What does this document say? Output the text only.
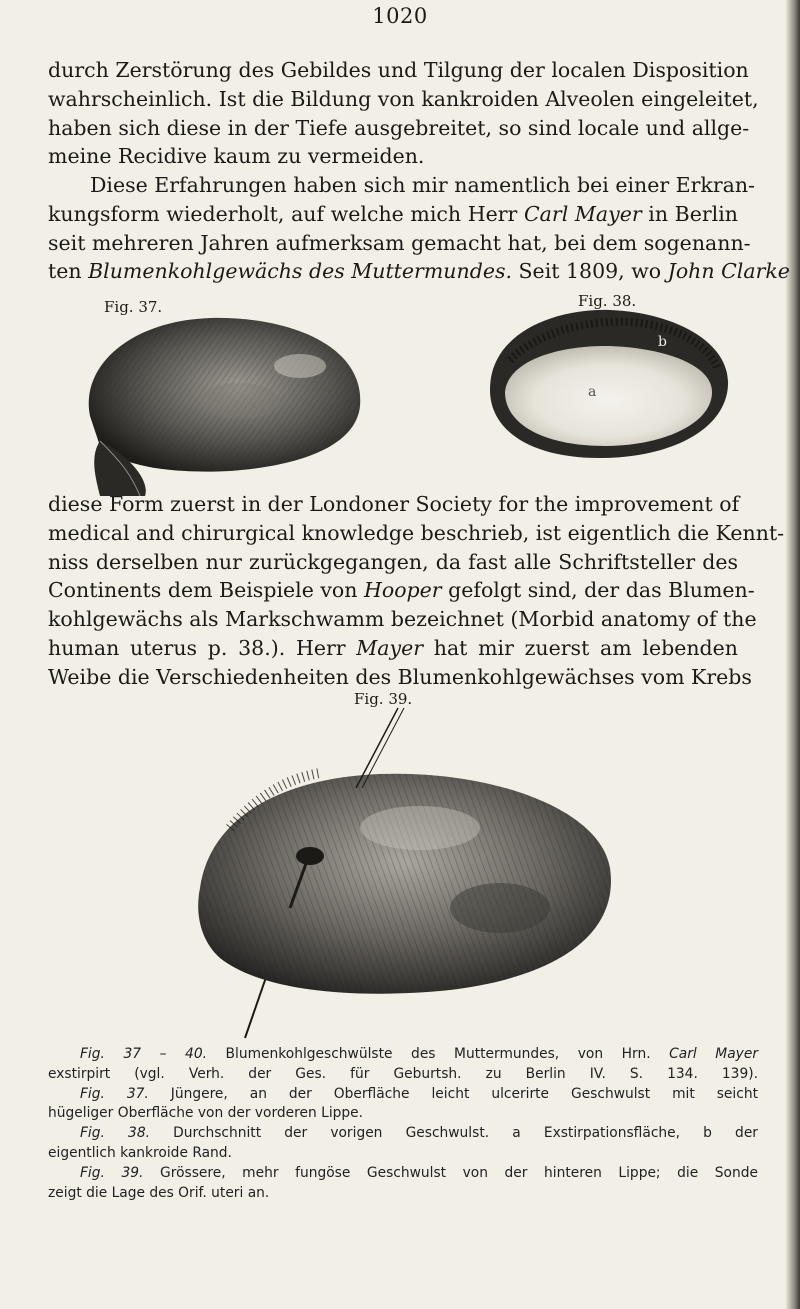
1020

durch Zerstörung des Gebildes und Tilgung der localen Disposition
wahrscheinlich. Ist die Bildung von kankroiden Alveolen eingeleitet,
haben sich diese in der Tiefe ausgebreitet, so sind locale und allge-
meine Recidive kaum zu vermeiden.

Diese Erfahrungen haben sich mir namentlich bei einer Erkran-
kungsform wiederholt, auf welche mich Herr Carl Mayer in Berlin
seit mehreren Jahren aufmerksam gemacht hat, bei dem sogenann-
ten Blumenkohlgewächs des Muttermundes. Seit 1809, wo John Clarke

Fig. 37.	Fig. 38.
a
b

diese Form zuerst in der Londoner Society for the improvement of
medical and chirurgical knowledge beschrieb, ist eigentlich die Kennt-
niss derselben nur zurückgegangen, da fast alle Schriftsteller des
Continents dem Beispiele von Hooper gefolgt sind, der das Blumen-
kohlgewächs als Markschwamm bezeichnet (Morbid anatomy of the
human uterus p. 38.). Herr Mayer hat mir zuerst am lebenden
Weibe die Verschiedenheiten des Blumenkohlgewächses vom Krebs

Fig. 39.
Fig. 37 – 40. Blumenkohlgeschwülste des Muttermundes, von Hrn. Carl Mayer
exstirpirt (vgl. Verh. der Ges. für Geburtsh. zu Berlin IV. S. 134. 139).
Fig. 37. Jüngere, an der Oberfläche leicht ulcerirte Geschwulst mit seicht
hügeliger Oberfläche von der vorderen Lippe.
Fig. 38. Durchschnitt der vorigen Geschwulst. a Exstirpationsfläche, b der
eigentlich kankroide Rand.
Fig. 39. Grössere, mehr fungöse Geschwulst von der hinteren Lippe; die Sonde
zeigt die Lage des Orif. uteri an.
